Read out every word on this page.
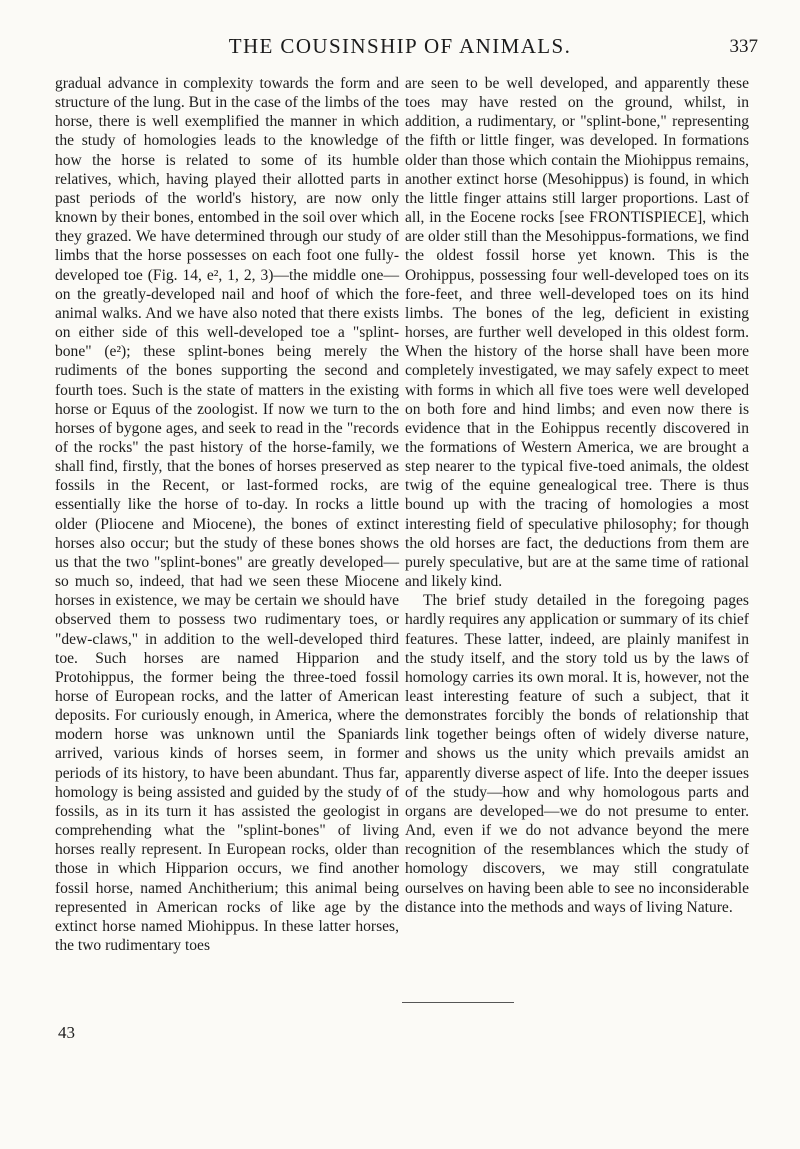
THE COUSINSHIP OF ANIMALS.	337

gradual advance in complexity towards the form and structure of the lung. But in the case of the limbs of the horse, there is well exemplified the manner in which the study of homologies leads to the knowledge of how the horse is related to some of its humble relatives, which, having played their allotted parts in past periods of the world's history, are now only known by their bones, entombed in the soil over which they grazed. We have determined through our study of limbs that the horse possesses on each foot one fully-developed toe (Fig. 14, e², 1, 2, 3)—the middle one—on the greatly-developed nail and hoof of which the animal walks. And we have also noted that there exists on either side of this well-developed toe a "splint-bone" (e²); these splint-bones being merely the rudiments of the bones supporting the second and fourth toes. Such is the state of matters in the existing horse or Equus of the zoologist. If now we turn to the horses of bygone ages, and seek to read in the "records of the rocks" the past history of the horse-family, we shall find, firstly, that the bones of horses preserved as fossils in the Recent, or last-formed rocks, are essentially like the horse of to-day. In rocks a little older (Pliocene and Miocene), the bones of extinct horses also occur; but the study of these bones shows us that the two "splint-bones" are greatly developed—so much so, indeed, that had we seen these Miocene horses in existence, we may be certain we should have observed them to possess two rudimentary toes, or "dew-claws," in addition to the well-developed third toe. Such horses are named Hipparion and Protohippus, the former being the three-toed fossil horse of European rocks, and the latter of American deposits. For curiously enough, in America, where the modern horse was unknown until the Spaniards arrived, various kinds of horses seem, in former periods of its history, to have been abundant. Thus far, homology is being assisted and guided by the study of fossils, as in its turn it has assisted the geologist in comprehending what the "splint-bones" of living horses really represent. In European rocks, older than those in which Hipparion occurs, we find another fossil horse, named Anchitherium; this animal being represented in American rocks of like age by the extinct horse named Miohippus. In these latter horses, the two rudimentary toes

are seen to be well developed, and apparently these toes may have rested on the ground, whilst, in addition, a rudimentary, or "splint-bone," representing the fifth or little finger, was developed. In formations older than those which contain the Miohippus remains, another extinct horse (Mesohippus) is found, in which the little finger attains still larger proportions. Last of all, in the Eocene rocks [see FRONTISPIECE], which are older still than the Mesohippus-formations, we find the oldest fossil horse yet known. This is the Orohippus, possessing four well-developed toes on its fore-feet, and three well-developed toes on its hind limbs. The bones of the leg, deficient in existing horses, are further well developed in this oldest form. When the history of the horse shall have been more completely investigated, we may safely expect to meet with forms in which all five toes were well developed on both fore and hind limbs; and even now there is evidence that in the Eohippus recently discovered in the formations of Western America, we are brought a step nearer to the typical five-toed animals, the oldest twig of the equine genealogical tree. There is thus bound up with the tracing of homologies a most interesting field of speculative philosophy; for though the old horses are fact, the deductions from them are purely speculative, but are at the same time of rational and likely kind.

The brief study detailed in the foregoing pages hardly requires any application or summary of its chief features. These latter, indeed, are plainly manifest in the study itself, and the story told us by the laws of homology carries its own moral. It is, however, not the least interesting feature of such a subject, that it demonstrates forcibly the bonds of relationship that link together beings often of widely diverse nature, and shows us the unity which prevails amidst an apparently diverse aspect of life. Into the deeper issues of the study—how and why homologous parts and organs are developed—we do not presume to enter. And, even if we do not advance beyond the mere recognition of the resemblances which the study of homology discovers, we may still congratulate ourselves on having been able to see no inconsiderable distance into the methods and ways of living Nature.

43
